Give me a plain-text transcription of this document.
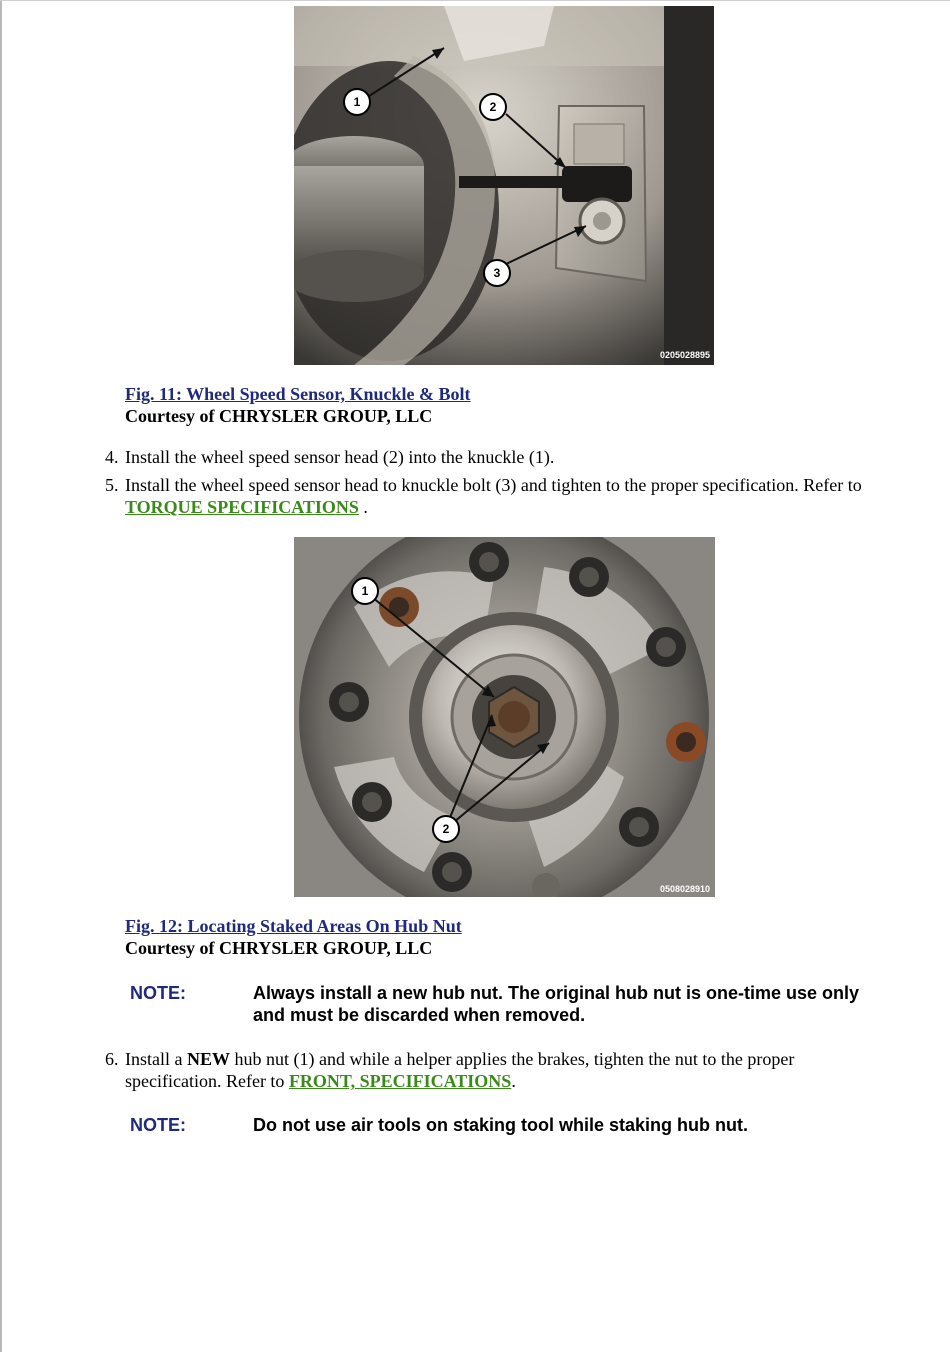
1	2
3
0205028895
Fig. 11: Wheel Speed Sensor, Knuckle & Bolt
Courtesy of CHRYSLER GROUP, LLC
4. Install the wheel speed sensor head (2) into the knuckle (1).
5. Install the wheel speed sensor head to knuckle bolt (3) and tighten to the proper specification. Refer to TORQUE SPECIFICATIONS .
1
2
0508028910
Fig. 12: Locating Staked Areas On Hub Nut
Courtesy of CHRYSLER GROUP, LLC
NOTE:	Always install a new hub nut. The original hub nut is one-time use only and must be discarded when removed.
6. Install a NEW hub nut (1) and while a helper applies the brakes, tighten the nut to the proper specification. Refer to FRONT, SPECIFICATIONS.
NOTE:	Do not use air tools on staking tool while staking hub nut.
